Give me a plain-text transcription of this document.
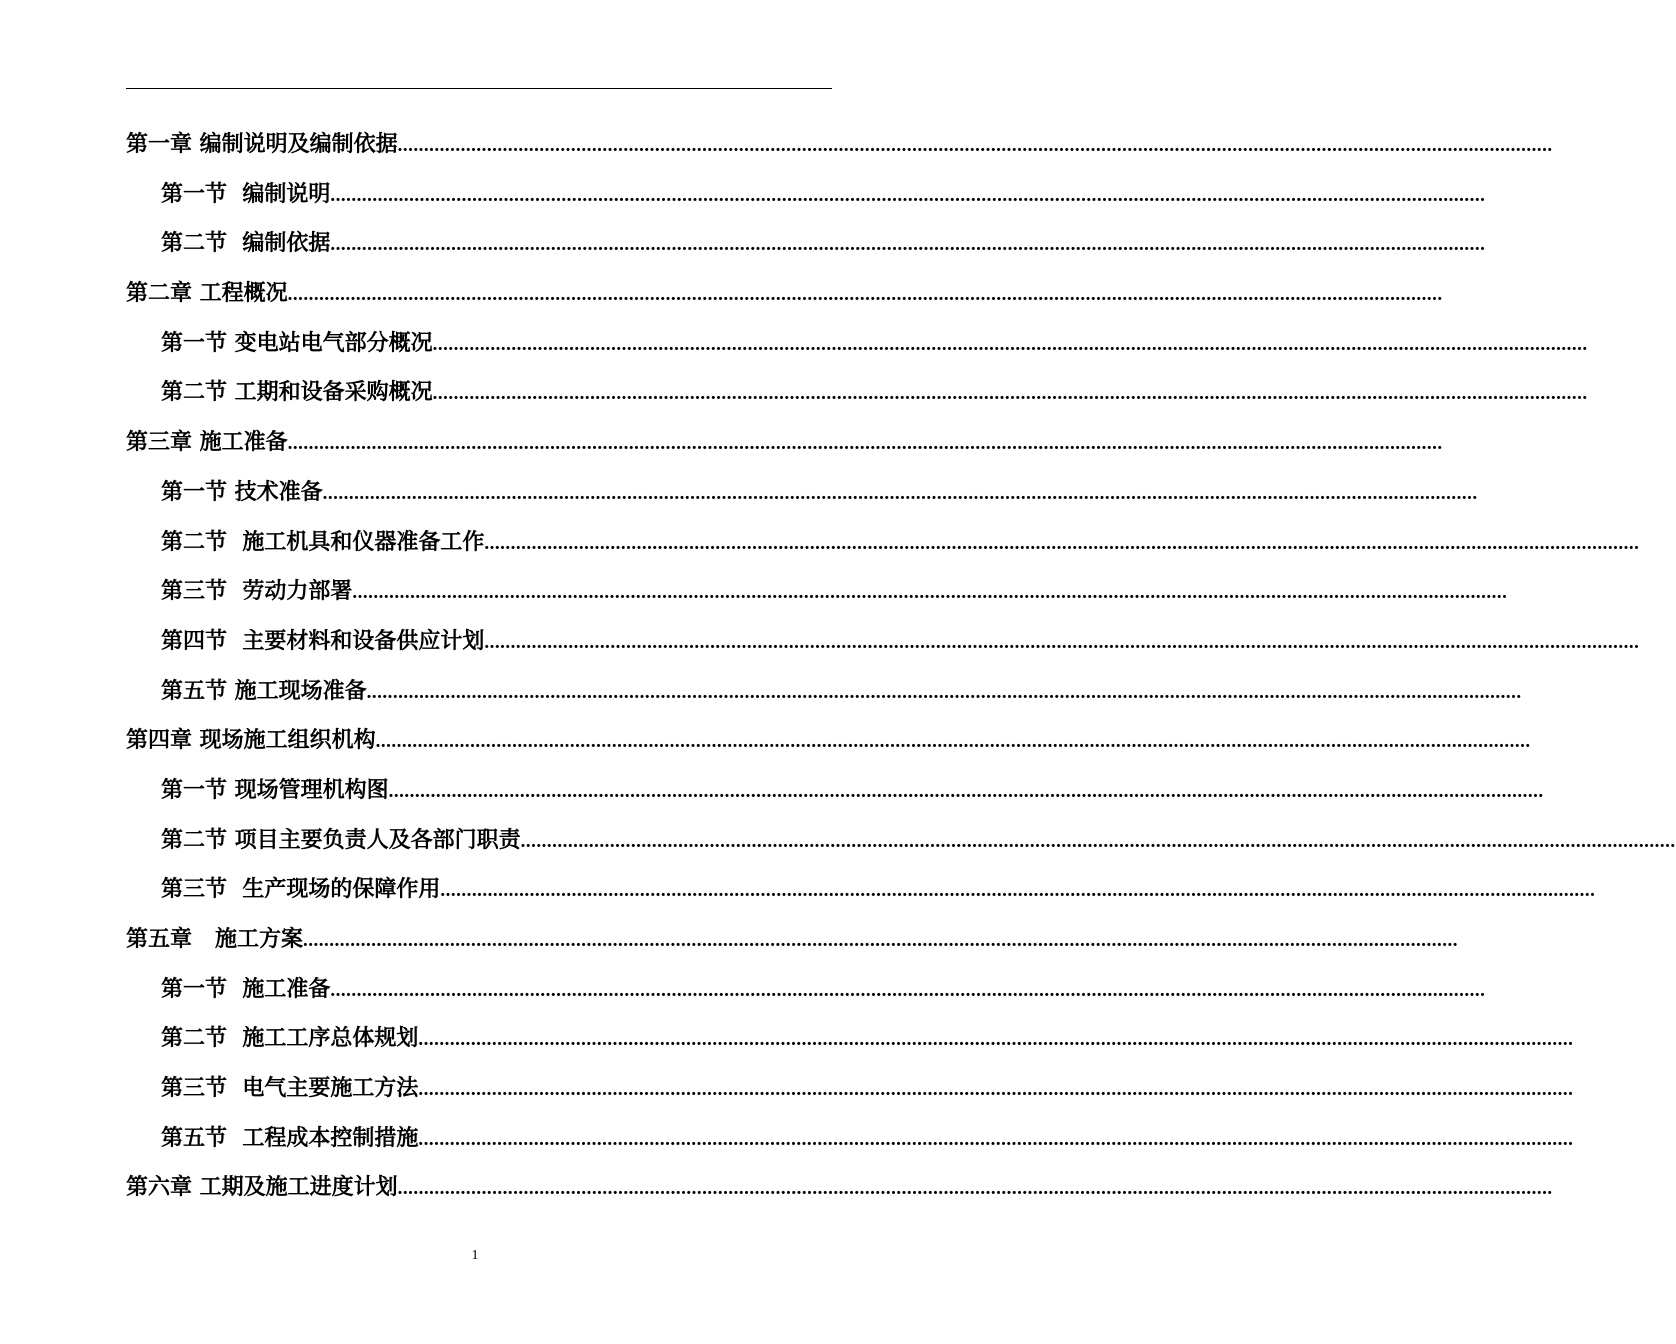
第一章 编制说明及编制依据 ............................................................................................................................................................................................................................
第一节  编制说明 ............................................................................................................................................................................................................................
第二节  编制依据 ............................................................................................................................................................................................................................
第二章 工程概况 ............................................................................................................................................................................................................................
第一节 变电站电气部分概况 ............................................................................................................................................................................................................................
第二节 工期和设备采购概况 ............................................................................................................................................................................................................................
第三章 施工准备 ............................................................................................................................................................................................................................
第一节 技术准备 ............................................................................................................................................................................................................................
第二节  施工机具和仪器准备工作 ............................................................................................................................................................................................................................
第三节  劳动力部署 ............................................................................................................................................................................................................................
第四节  主要材料和设备供应计划 ............................................................................................................................................................................................................................
第五节 施工现场准备 ............................................................................................................................................................................................................................
第四章 现场施工组织机构 ............................................................................................................................................................................................................................
第一节 现场管理机构图 ............................................................................................................................................................................................................................
第二节 项目主要负责人及各部门职责 ............................................................................................................................................................................................................................
第三节  生产现场的保障作用 ............................................................................................................................................................................................................................
第五章   施工方案 ............................................................................................................................................................................................................................
第一节  施工准备 ............................................................................................................................................................................................................................
第二节  施工工序总体规划 ............................................................................................................................................................................................................................
第三节  电气主要施工方法 ............................................................................................................................................................................................................................
第五节  工程成本控制措施 ............................................................................................................................................................................................................................
第六章 工期及施工进度计划 ............................................................................................................................................................................................................................
1
